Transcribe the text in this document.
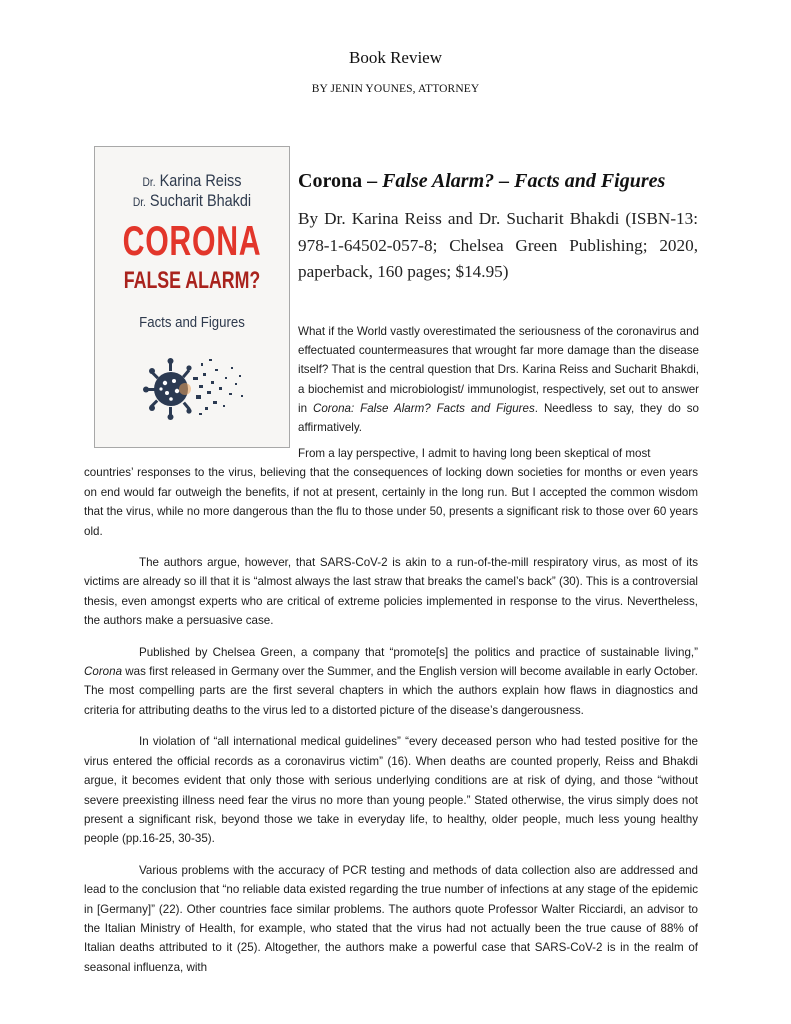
Book Review
BY JENIN YOUNES, ATTORNEY
Dr. Karina Reiss
Dr. Sucharit Bhakdi
CORONA
FALSE ALARM?
Facts and Figures
Corona – False Alarm? – Facts and Figures
By Dr. Karina Reiss and Dr. Sucharit Bhakdi (ISBN-13: 978-1-64502-057-8; Chelsea Green Publishing; 2020, paperback, 160 pages; $14.95)
What if the World vastly overestimated the seriousness of the coronavirus and effectuated countermeasures that wrought far more damage than the disease itself? That is the central question that Drs. Karina Reiss and Sucharit Bhakdi, a biochemist and microbiologist/ immunologist, respectively, set out to answer in Corona: False Alarm? Facts and Figures. Needless to say, they do so affirmatively.

From a lay perspective, I admit to having long been skeptical of most

countries’ responses to the virus, believing that the consequences of locking down societies for months or even years on end would far outweigh the benefits, if not at present, certainly in the long run. But I accepted the common wisdom that the virus, while no more dangerous than the flu to those under 50, presents a significant risk to those over 60 years old.

The authors argue, however, that SARS-CoV-2 is akin to a run-of-the-mill respiratory virus, as most of its victims are already so ill that it is “almost always the last straw that breaks the camel’s back” (30). This is a controversial thesis, even amongst experts who are critical of extreme policies implemented in response to the virus. Nevertheless, the authors make a persuasive case.

Published by Chelsea Green, a company that “promote[s] the politics and practice of sustainable living,” Corona was first released in Germany over the Summer, and the English version will become available in early October. The most compelling parts are the first several chapters in which the authors explain how flaws in diagnostics and criteria for attributing deaths to the virus led to a distorted picture of the disease’s dangerousness.

In violation of “all international medical guidelines” “every deceased person who had tested positive for the virus entered the official records as a coronavirus victim” (16). When deaths are counted properly, Reiss and Bhakdi argue, it becomes evident that only those with serious underlying conditions are at risk of dying, and those “without severe preexisting illness need fear the virus no more than young people.” Stated otherwise, the virus simply does not present a significant risk, beyond those we take in everyday life, to healthy, older people, much less young healthy people (pp.16-25, 30-35).

Various problems with the accuracy of PCR testing and methods of data collection also are addressed and lead to the conclusion that “no reliable data existed regarding the true number of infections at any stage of the epidemic in [Germany]” (22). Other countries face similar problems. The authors quote Professor Walter Ricciardi, an advisor to the Italian Ministry of Health, for example, who stated that the virus had not actually been the true cause of 88% of Italian deaths attributed to it (25). Altogether, the authors make a powerful case that SARS-CoV-2 is in the realm of seasonal influenza, with
